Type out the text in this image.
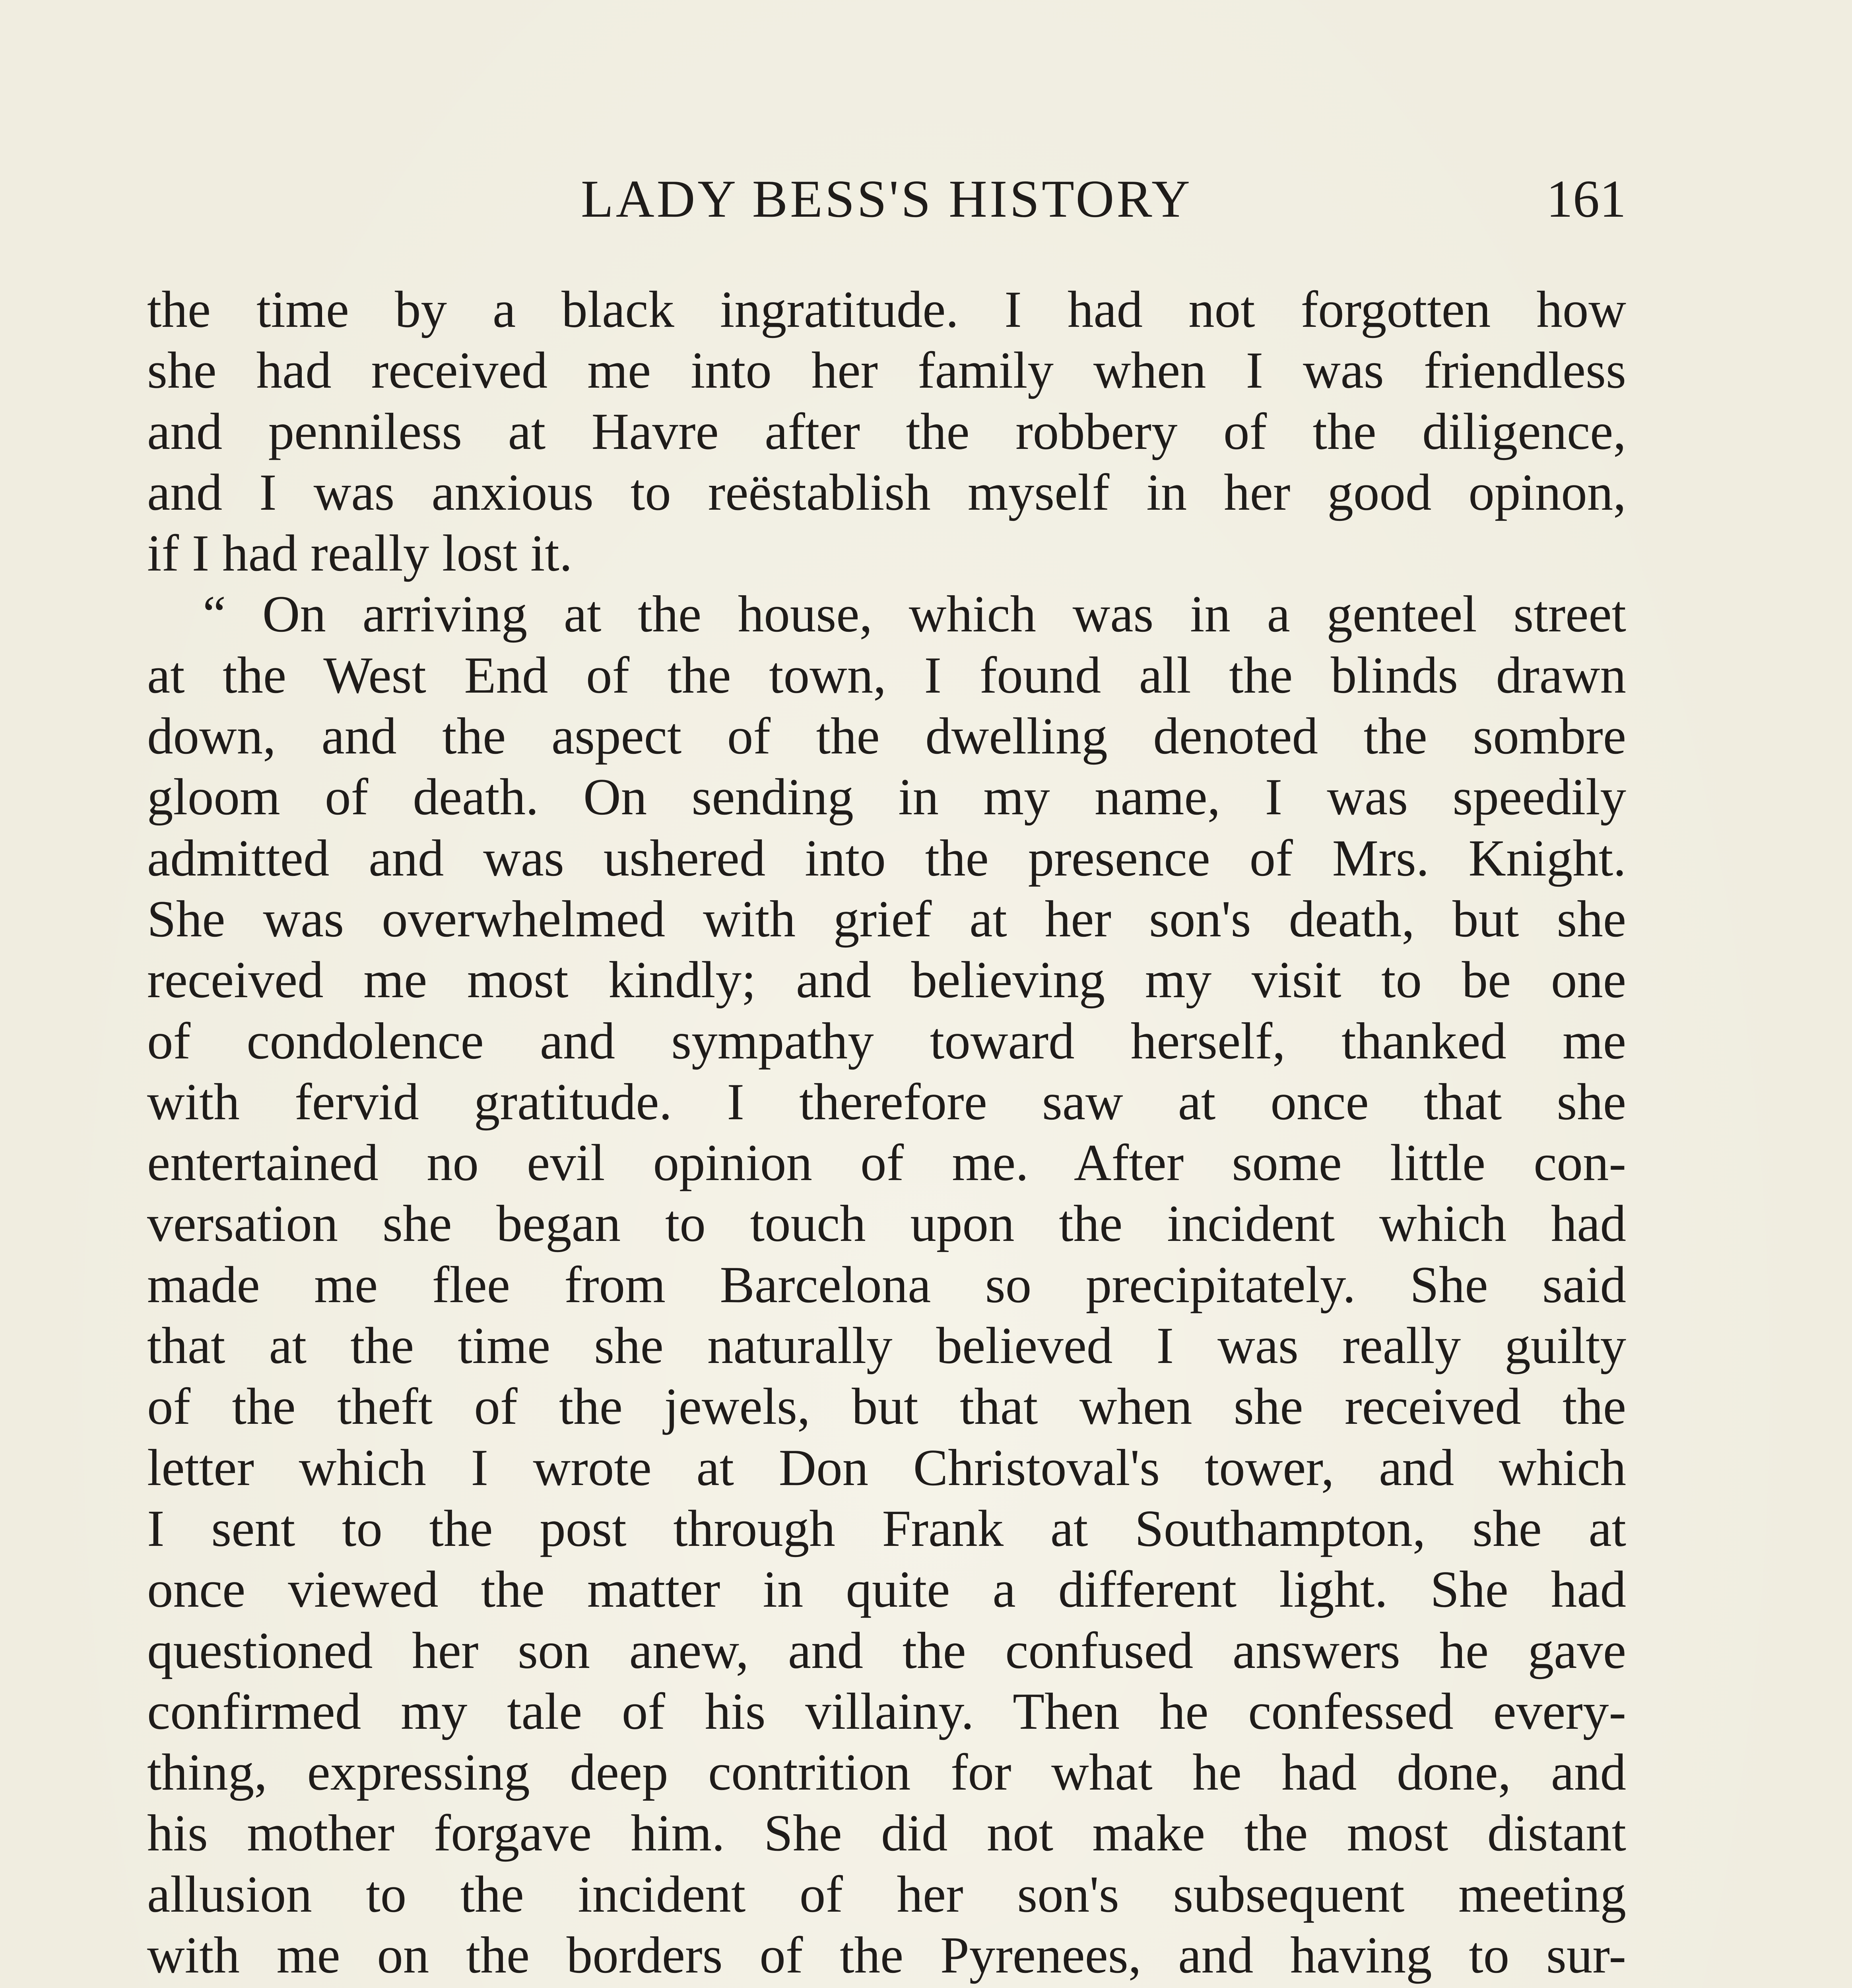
LADY BESS'S HISTORY	161
the time by a black ingratitude. I had not forgotten how
she had received me into her family when I was friendless
and penniless at Havre after the robbery of the diligence,
and I was anxious to reëstablish myself in her good opinon,
if I had really lost it.
“ On arriving at the house, which was in a genteel street
at the West End of the town, I found all the blinds drawn
down, and the aspect of the dwelling denoted the sombre
gloom of death. On sending in my name, I was speedily
admitted and was ushered into the presence of Mrs. Knight.
She was overwhelmed with grief at her son's death, but she
received me most kindly; and believing my visit to be one
of condolence and sympathy toward herself, thanked me
with fervid gratitude. I therefore saw at once that she
entertained no evil opinion of me. After some little con-
versation she began to touch upon the incident which had
made me flee from Barcelona so precipitately. She said
that at the time she naturally believed I was really guilty
of the theft of the jewels, but that when she received the
letter which I wrote at Don Christoval's tower, and which
I sent to the post through Frank at Southampton, she at
once viewed the matter in quite a different light. She had
questioned her son anew, and the confused answers he gave
confirmed my tale of his villainy. Then he confessed every-
thing, expressing deep contrition for what he had done, and
his mother forgave him. She did not make the most distant
allusion to the incident of her son's subsequent meeting
with me on the borders of the Pyrenees, and having to sur-
